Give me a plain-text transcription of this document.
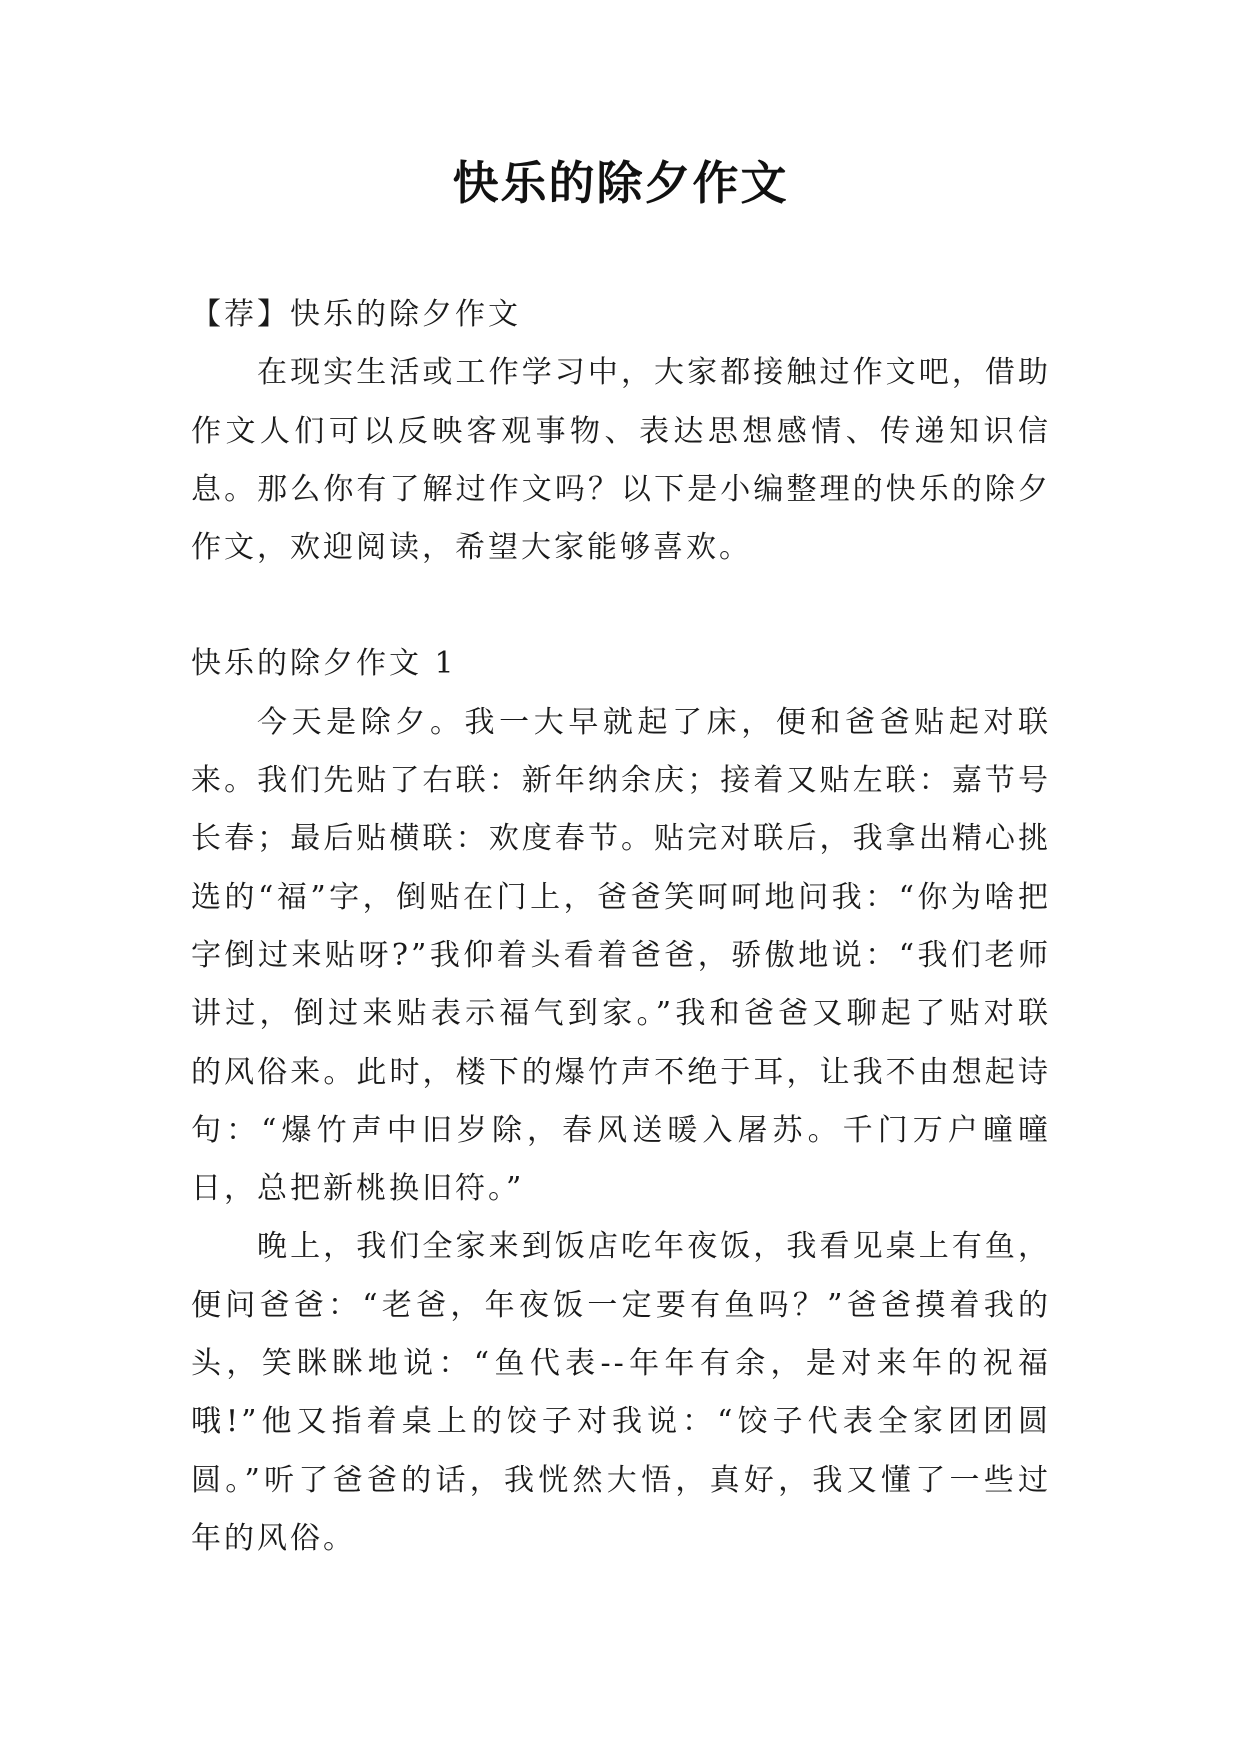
快乐的除夕作文

【荐】快乐的除夕作文

在现实生活或工作学习中，大家都接触过作文吧，借助作文人们可以反映客观事物、表达思想感情、传递知识信息。那么你有了解过作文吗？以下是小编整理的快乐的除夕作文，欢迎阅读，希望大家能够喜欢。

快乐的除夕作文 1

今天是除夕。我一大早就起了床，便和爸爸贴起对联来。我们先贴了右联：新年纳余庆；接着又贴左联：嘉节号长春；最后贴横联：欢度春节。贴完对联后，我拿出精心挑选的“福”字，倒贴在门上，爸爸笑呵呵地问我：“你为啥把字倒过来贴呀?”我仰着头看着爸爸，骄傲地说：“我们老师讲过，倒过来贴表示福气到家。”我和爸爸又聊起了贴对联的风俗来。此时，楼下的爆竹声不绝于耳，让我不由想起诗句：“爆竹声中旧岁除，春风送暖入屠苏。千门万户曈曈日，总把新桃换旧符。”

晚上，我们全家来到饭店吃年夜饭，我看见桌上有鱼，便问爸爸：“老爸，年夜饭一定要有鱼吗？”爸爸摸着我的头，笑眯眯地说：“鱼代表--年年有余，是对来年的祝福哦!”他又指着桌上的饺子对我说：“饺子代表全家团团圆圆。”听了爸爸的话，我恍然大悟，真好，我又懂了一些过年的风俗。
